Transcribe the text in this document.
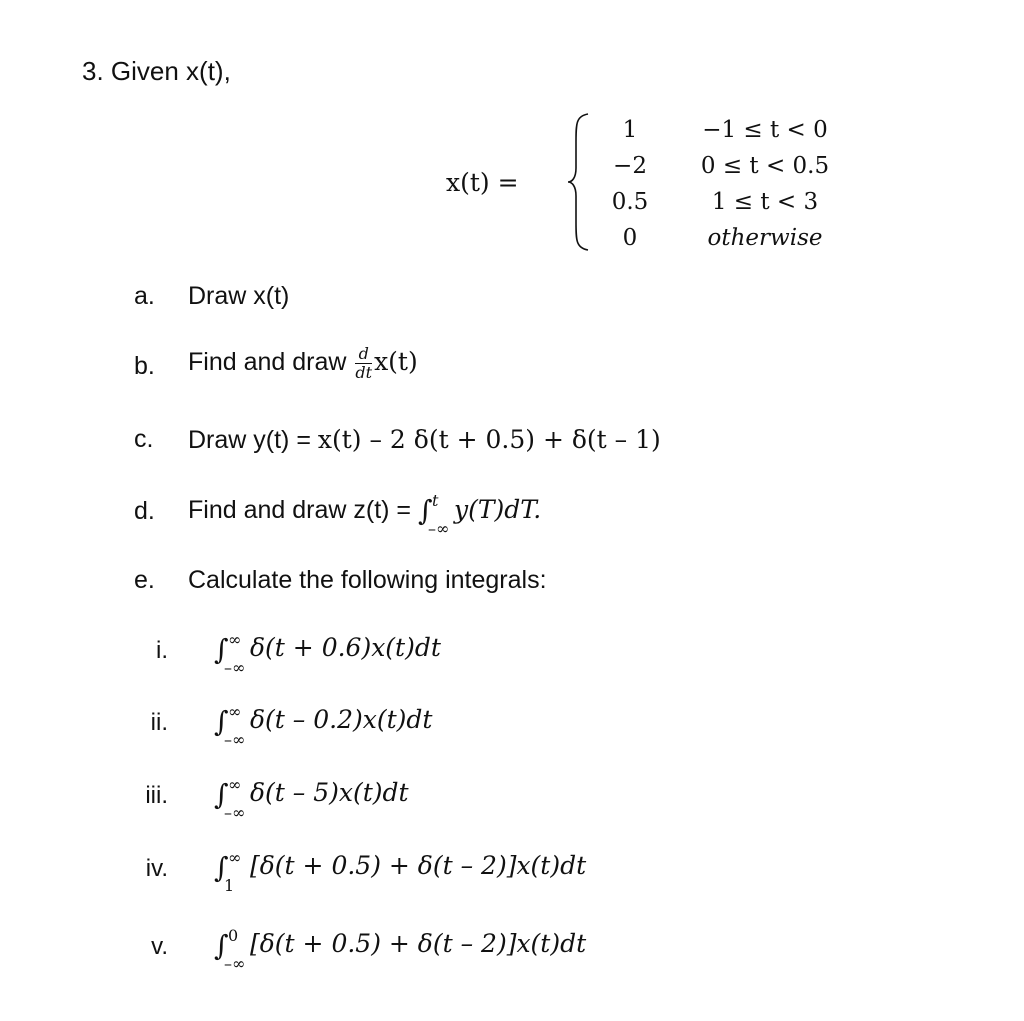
3. Given x(t),
x(t) =
1	−1 ≤ t < 0
−2	0 ≤ t < 0.5
0.5	1 ≤ t < 3
0	otherwise
a.	Draw x(t)
b.	Find and draw $\frac{d}{dt} x(t)$
c.	Draw y(t) = x(t) – 2 δ(t + 0.5) + δ(t – 1)
d.	Find and draw z(t) = ∫ t
–∞
y(T)dT.
e.	Calculate the following integrals:
i. ∫ ∞
–∞
δ(t + 0.6)x(t)dt
ii. ∫ ∞
–∞
δ(t – 0.2)x(t)dt
iii. ∫ ∞
–∞
δ(t – 5)x(t)dt
iv. ∫ ∞
1
[δ(t + 0.5) + δ(t – 2)]x(t)dt
v. ∫ 0
–∞
[δ(t + 0.5) + δ(t – 2)]x(t)dt
